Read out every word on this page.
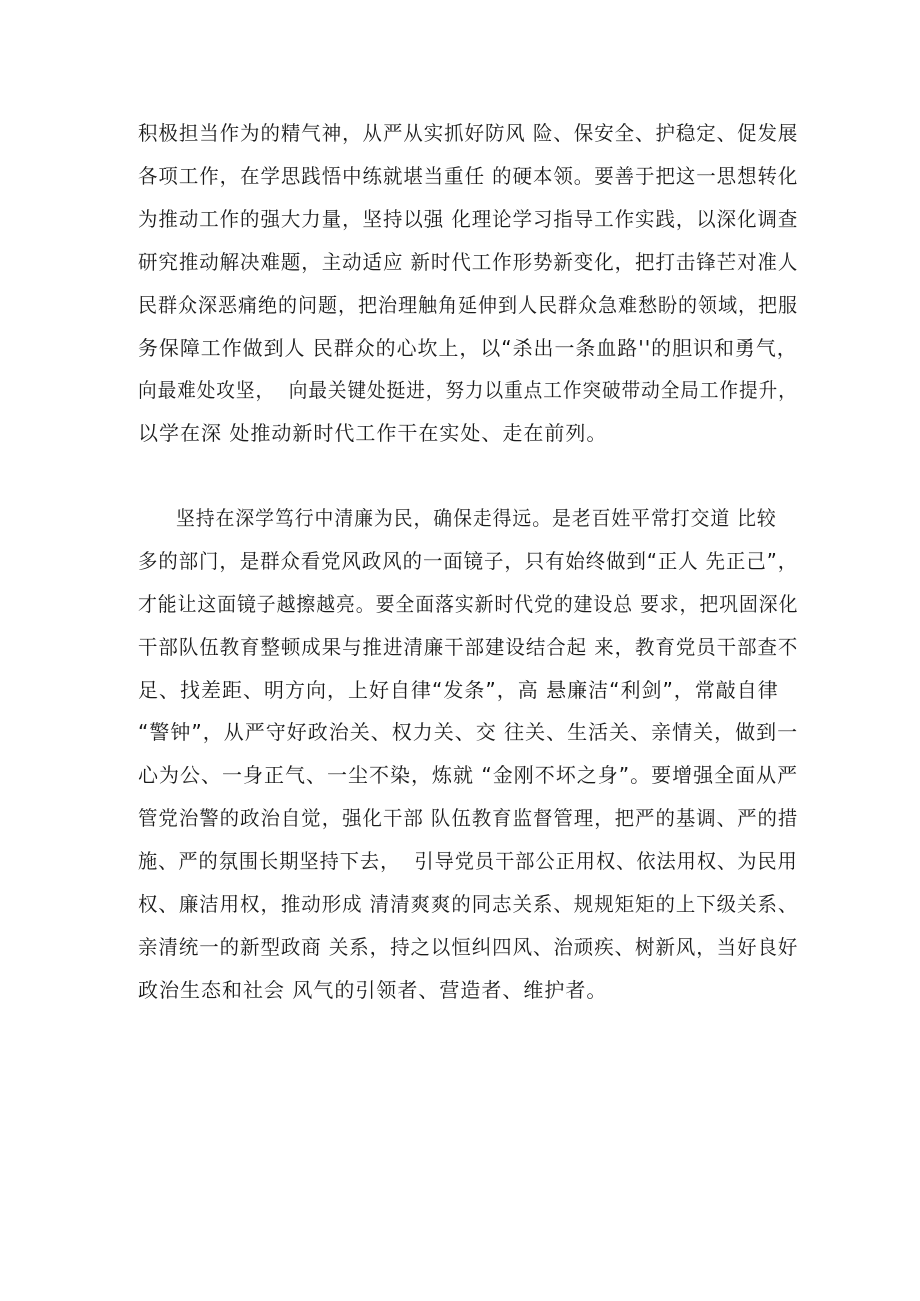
积极担当作为的精气神，从严从实抓好防风 险、保安全、护稳定、促发展
各项工作，在学思践悟中练就堪当重任 的硬本领。要善于把这一思想转化
为推动工作的强大力量，坚持以强 化理论学习指导工作实践，以深化调查
研究推动解决难题，主动适应 新时代工作形势新变化，把打击锋芒对准人
民群众深恶痛绝的问题，把治理触角延伸到人民群众急难愁盼的领域，把服
务保障工作做到人 民群众的心坎上，以“杀出一条血路''的胆识和勇气，
向最难处攻坚，  向最关键处挺进，努力以重点工作突破带动全局工作提升，
以学在深 处推动新时代工作干在实处、走在前列。
坚持在深学笃行中清廉为民，确保走得远。是老百姓平常打交道 比较
多的部门，是群众看党风政风的一面镜子，只有始终做到“正人 先正己”，
才能让这面镜子越擦越亮。要全面落实新时代党的建设总 要求，把巩固深化
干部队伍教育整顿成果与推进清廉干部建设结合起 来，教育党员干部查不
足、找差距、明方向，上好自律“发条”，高 悬廉洁“利剑”，常敲自律
“警钟”，从严守好政治关、权力关、交 往关、生活关、亲情关，做到一
心为公、一身正气、一尘不染，炼就 “金刚不坏之身”。要增强全面从严
管党治警的政治自觉，强化干部 队伍教育监督管理，把严的基调、严的措
施、严的氛围长期坚持下去，  引导党员干部公正用权、依法用权、为民用
权、廉洁用权，推动形成 清清爽爽的同志关系、规规矩矩的上下级关系、
亲清统一的新型政商 关系，持之以恒纠四风、治顽疾、树新风，当好良好
政治生态和社会 风气的引领者、营造者、维护者。
